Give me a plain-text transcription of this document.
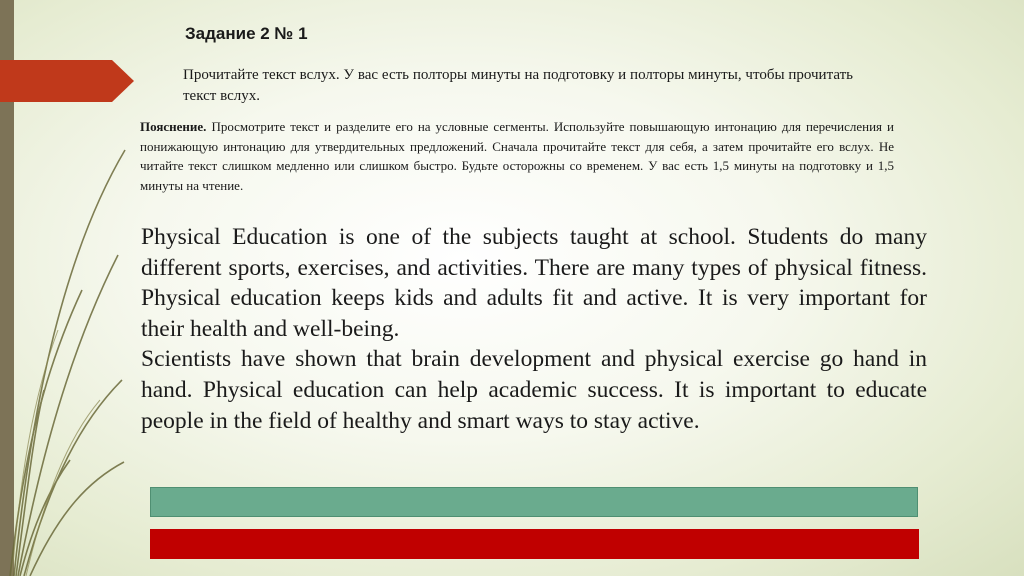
Задание 2 № 1
Прочитайте текст вслух. У вас есть полторы минуты на подготовку и полторы минуты, чтобы прочитать текст вслух.
Пояснение. Просмотрите текст и разделите его на условные сегменты. Используйте повышающую интонацию для перечисления и понижающую интонацию для утвердительных предложений. Сначала прочитайте текст для себя, а затем прочитайте его вслух. Не читайте текст слишком медленно или слишком быстро. Будьте осторожны со временем. У вас есть 1,5 минуты на подготовку и 1,5 минуты на чтение.

Physical Education is one of the subjects taught at school. Students do many different sports, exercises, and activities. There are many types of physical fitness. Physical education keeps kids and adults fit and active. It is very important for their health and well-being.

Scientists have shown that brain development and physical exercise go hand in hand. Physical education can help academic success. It is important to educate people in the field of healthy and smart ways to stay active.
